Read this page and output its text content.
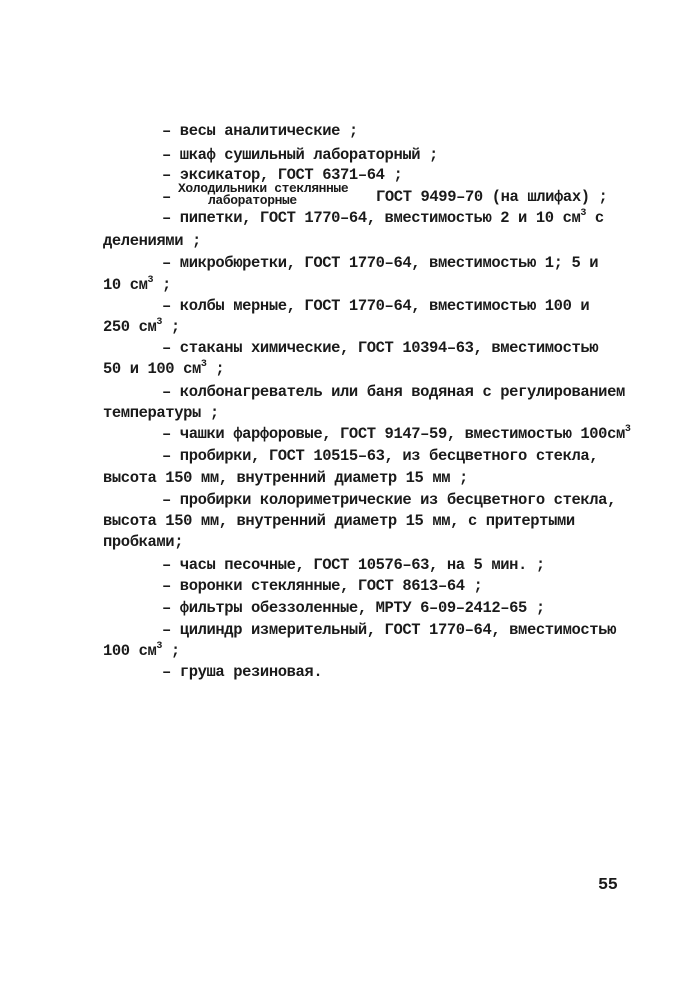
– весы аналитические ;
– шкаф сушильный лабораторный ;
– эксикатор, ГОСТ 6371–64 ;
Холодильники стеклянные
–	лабораторные	ГОСТ 9499–70 (на шлифах) ;
– пипетки, ГОСТ 1770–64, вместимостью 2 и 10 $см^3$ с
делениями ;
– микробюретки, ГОСТ 1770–64, вместимостью 1; 5 и
10 $см^3$ ;
– колбы мерные, ГОСТ 1770–64, вместимостью 100 и
250 $см^3$ ;
– стаканы химические, ГОСТ 10394–63, вместимостью
50 и 100 $см^3$ ;
– колбонагреватель или баня водяная с регулированием
температуры ;
– чашки фарфоровые, ГОСТ 9147–59, вместимостью $100см^3$
– пробирки, ГОСТ 10515–63, из бесцветного стекла,
высота 150 мм, внутренний диаметр 15 мм ;
– пробирки колориметрические из бесцветного стекла,
высота 150 мм, внутренний диаметр 15 мм, с притертыми
пробками;
– часы песочные, ГОСТ 10576–63, на 5 мин. ;
– воронки стеклянные, ГОСТ 8613–64 ;
– фильтры обеззоленные, МРТУ 6–09–2412–65 ;
– цилиндр измерительный, ГОСТ 1770–64, вместимостью
100 $см^3$ ;
– груша резиновая.
55
